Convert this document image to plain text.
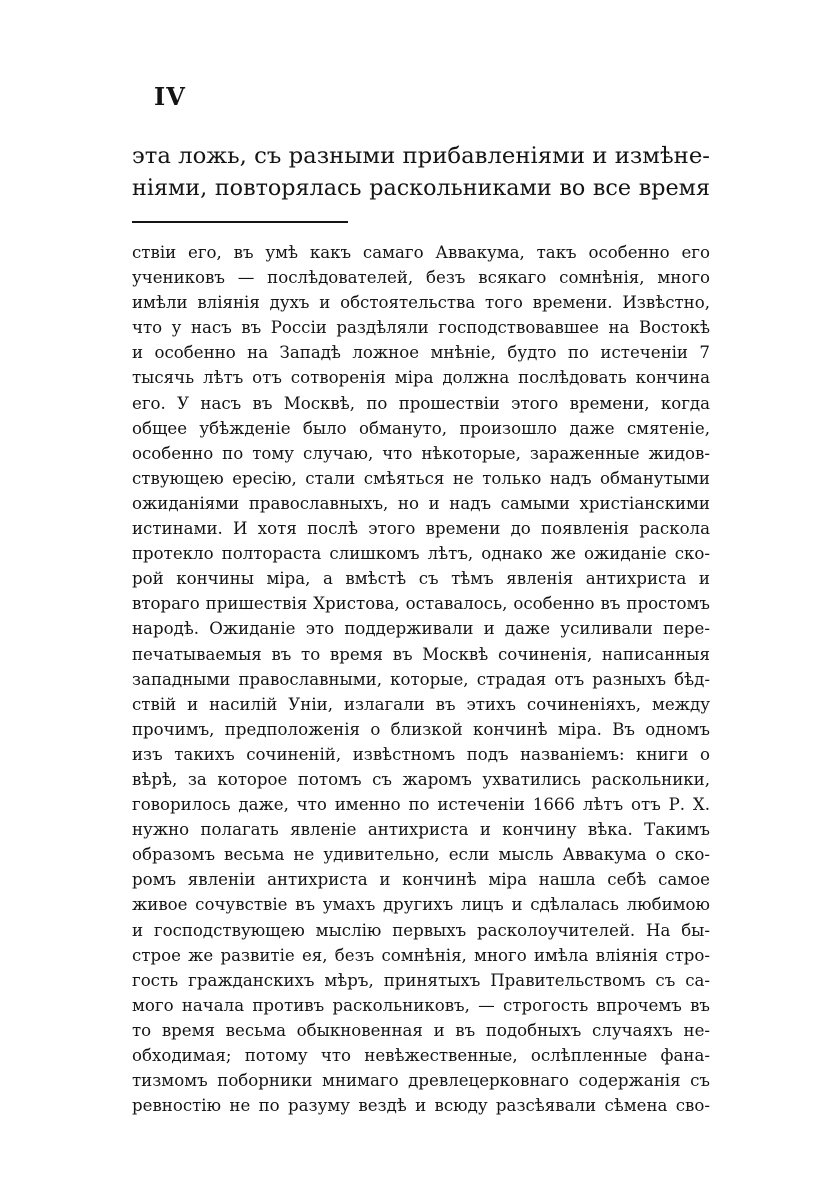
IV
эта ложь, съ разными прибавленіями и измѣне-
ніями, повторялась раскольниками во все время
ствіи его, въ умѣ какъ самаго Аввакума, такъ особенно его
учениковъ — послѣдователей, безъ всякаго сомнѣнія, много
имѣли вліянія духъ и обстоятельства того времени. Извѣстно,
что у насъ въ Россіи раздѣляли господствовавшее на Востокѣ
и особенно на Западѣ ложное мнѣніе, будто по истеченіи 7
тысячь лѣтъ отъ сотворенія міра должна послѣдовать кончина
его. У насъ въ Москвѣ, по прошествіи этого времени, когда
общее убѣжденіе было обмануто, произошло даже смятеніе,
особенно по тому случаю, что нѣкоторые, зараженные жидов-
ствующею ересію, стали смѣяться не только надъ обманутыми
ожиданіями православныхъ, но и надъ самыми христіанскими
истинами. И хотя послѣ этого времени до появленія раскола
протекло полтораста слишкомъ лѣтъ, однако же ожиданіе ско-
рой кончины міра, а вмѣстѣ съ тѣмъ явленія антихриста и
втораго пришествія Христова, оставалось, особенно въ простомъ
народѣ. Ожиданіе это поддерживали и даже усиливали пере-
печатываемыя въ то время въ Москвѣ сочиненія, написанныя
западными православными, которые, страдая отъ разныхъ бѣд-
ствій и насилій Уніи, излагали въ этихъ сочиненіяхъ, между
прочимъ, предположенія о близкой кончинѣ міра. Въ одномъ
изъ такихъ сочиненій, извѣстномъ подъ названіемъ: книги о
вѣрѣ, за которое потомъ съ жаромъ ухватились раскольники,
говорилось даже, что именно по истеченіи 1666 лѣтъ отъ Р. Х.
нужно полагать явленіе антихриста и кончину вѣка. Такимъ
образомъ весьма не удивительно, если мысль Аввакума о ско-
ромъ явленіи антихриста и кончинѣ міра нашла себѣ самое
живое сочувствіе въ умахъ другихъ лицъ и сдѣлалась любимою
и господствующею мыслію первыхъ расколоучителей. На бы-
строе же развитіе ея, безъ сомнѣнія, много имѣла вліянія стро-
гость гражданскихъ мѣръ, принятыхъ Правительствомъ съ са-
мого начала противъ раскольниковъ, — строгость впрочемъ въ
то время весьма обыкновенная и въ подобныхъ случаяхъ не-
обходимая; потому что невѣжественные, ослѣпленные фана-
тизмомъ поборники мнимаго древлецерковнаго содержанія съ
ревностію не по разуму вездѣ и всюду разсѣявали сѣмена сво-
